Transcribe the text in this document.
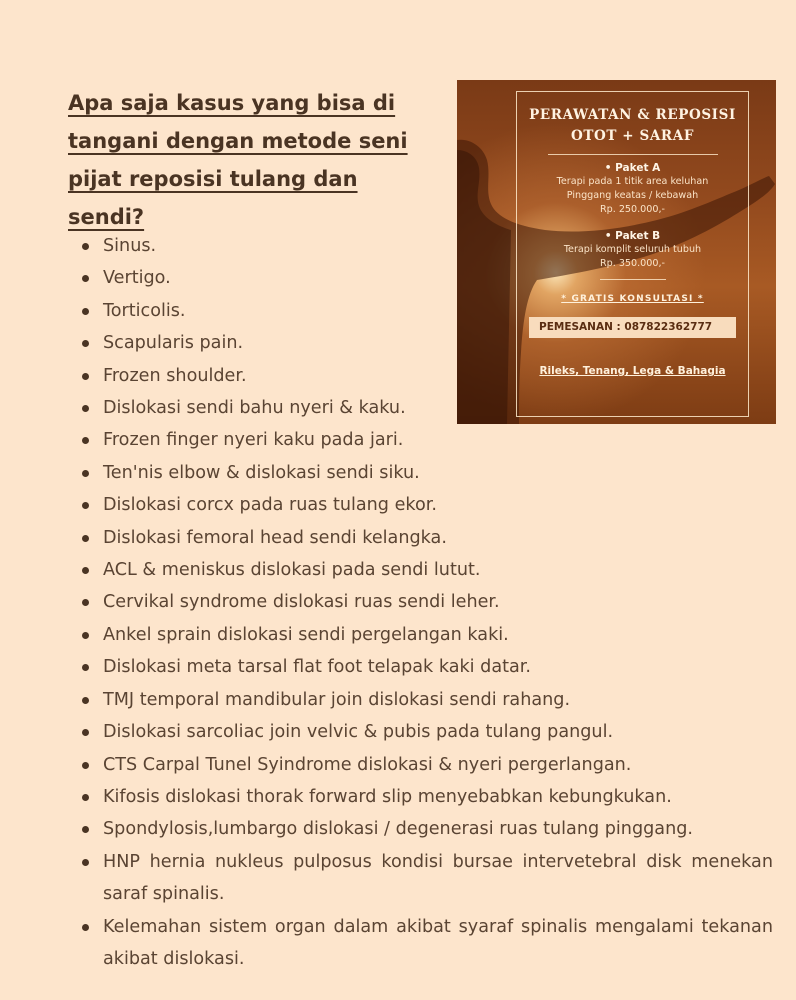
Apa saja kasus yang bisa di tangani dengan metode seni pijat reposisi tulang dan sendi?
Sinus.
Vertigo.
Torticolis.
Scapularis pain.
Frozen shoulder.
Dislokasi sendi bahu nyeri & kaku.
Frozen finger nyeri kaku pada jari.
Ten'nis elbow & dislokasi sendi siku.
Dislokasi corcx pada ruas tulang ekor.
Dislokasi femoral head sendi kelangka.
ACL & meniskus dislokasi pada sendi lutut.
Cervikal syndrome dislokasi ruas sendi leher.
Ankel sprain dislokasi sendi pergelangan kaki.
Dislokasi meta tarsal flat foot telapak kaki datar.
TMJ temporal mandibular join dislokasi sendi rahang.
Dislokasi sarcoliac join velvic & pubis pada tulang pangul.
CTS Carpal Tunel Syindrome dislokasi & nyeri pergerlangan.
Kifosis dislokasi thorak forward slip menyebabkan kebungkukan.
Spondylosis,lumbargo dislokasi / degenerasi ruas tulang pinggang.
HNP hernia nukleus pulposus kondisi bursae intervetebral disk menekan saraf spinalis.
Kelemahan sistem organ dalam akibat syaraf spinalis mengalami tekanan akibat dislokasi.
PERAWATAN & REPOSISI
OTOT + SARAF
• Paket A
Terapi pada 1 titik area keluhan
Pinggang keatas / kebawah
Rp. 250.000,-
• Paket B
Terapi komplit seluruh tubuh
Rp. 350.000,-
* GRATIS KONSULTASI *
PEMESANAN : 087822362777
Rileks, Tenang, Lega & Bahagia
